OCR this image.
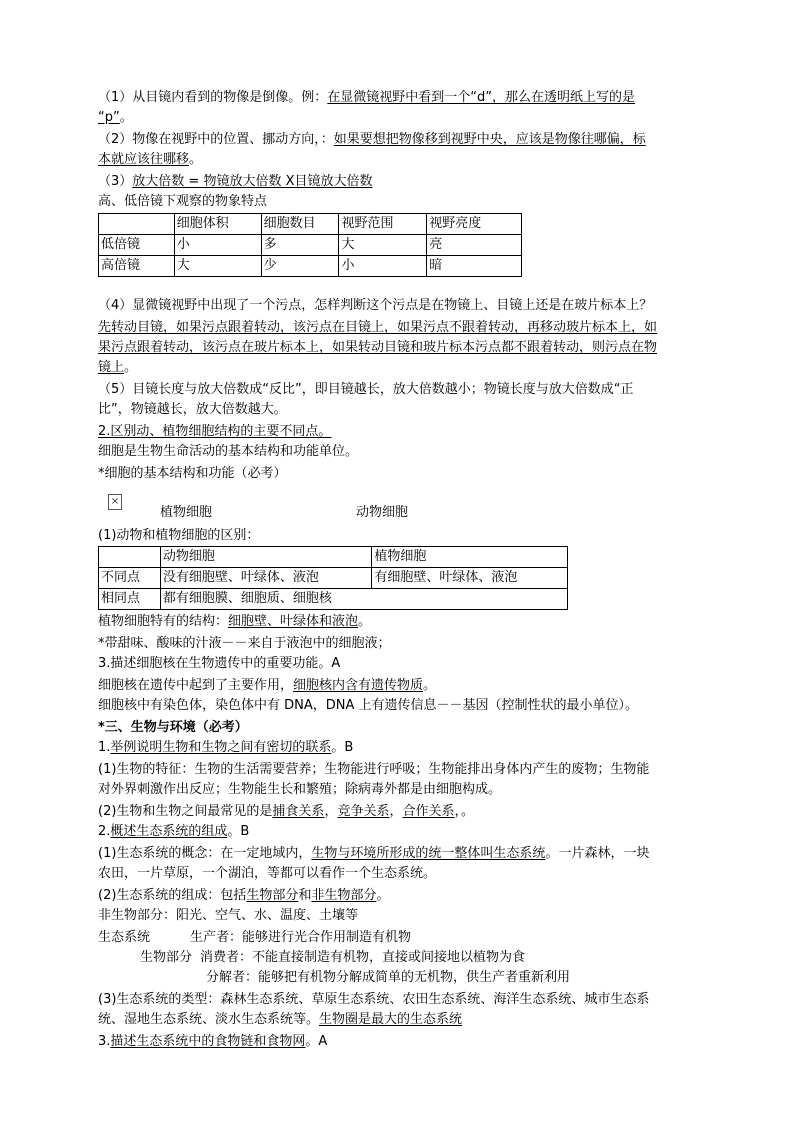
（1）从目镜内看到的物像是倒像。例：在显微镜视野中看到一个“d”，那么在透明纸上写的是
“p”。
（2）物像在视野中的位置、挪动方向，：如果要想把物像移到视野中央，应该是物像往哪偏，标
本就应该往哪移。
（3）放大倍数 = 物镜放大倍数 X目镜放大倍数
高、低倍镜下观察的物象特点
	细胞体积	细胞数目	视野范围	视野亮度
低倍镜	小	多	大	亮
高倍镜	大	少	小	暗
（4）显微镜视野中出现了一个污点，怎样判断这个污点是在物镜上、目镜上还是在玻片标本上？
先转动目镜，如果污点跟着转动，该污点在目镜上，如果污点不跟着转动，再移动玻片标本上，如
果污点跟着转动，该污点在玻片标本上，如果转动目镜和玻片标本污点都不跟着转动，则污点在物
镜上。
（5）目镜长度与放大倍数成“反比”，即目镜越长，放大倍数越小；物镜长度与放大倍数成“正
比”，物镜越长，放大倍数越大。
2.区别动、植物细胞结构的主要不同点。
细胞是生物生命活动的基本结构和功能单位。
*细胞的基本结构和功能（必考）
×
植物细胞	动物细胞
(1)动物和植物细胞的区别：
	动物细胞	植物细胞
不同点	没有细胞壁、叶绿体、液泡	有细胞壁、叶绿体、液泡
相同点	都有细胞膜、细胞质、细胞核	
植物细胞特有的结构：细胞壁、叶绿体和液泡。
*带甜味、酸味的汁液－－来自于液泡中的细胞液；
3.描述细胞核在生物遗传中的重要功能。A
细胞核在遗传中起到了主要作用，细胞核内含有遗传物质。
细胞核中有染色体，染色体中有 DNA，DNA 上有遗传信息－－基因（控制性状的最小单位）。
*三、生物与环境（必考）
1.举例说明生物和生物之间有密切的联系。B
(1)生物的特征：生物的生活需要营养；生物能进行呼吸；生物能排出身体内产生的废物；生物能
对外界刺激作出反应；生物能生长和繁殖；除病毒外都是由细胞构成。
(2)生物和生物之间最常见的是捕食关系，竞争关系，合作关系，。
2.概述生态系统的组成。B
(1)生态系统的概念：在一定地域内，生物与环境所形成的统一整体叫生态系统。一片森林，一块
农田，一片草原，一个湖泊，等都可以看作一个生态系统。
(2)生态系统的组成：包括生物部分和非生物部分。
非生物部分：阳光、空气、水、温度、土壤等
生态系统	生产者：能够进行光合作用制造有机物
生物部分 消费者：不能直接制造有机物，直接或间接地以植物为食
分解者：能够把有机物分解成简单的无机物，供生产者重新利用
(3)生态系统的类型：森林生态系统、草原生态系统、农田生态系统、海洋生态系统、城市生态系
统、湿地生态系统、淡水生态系统等。生物圈是最大的生态系统
3.描述生态系统中的食物链和食物网。A
